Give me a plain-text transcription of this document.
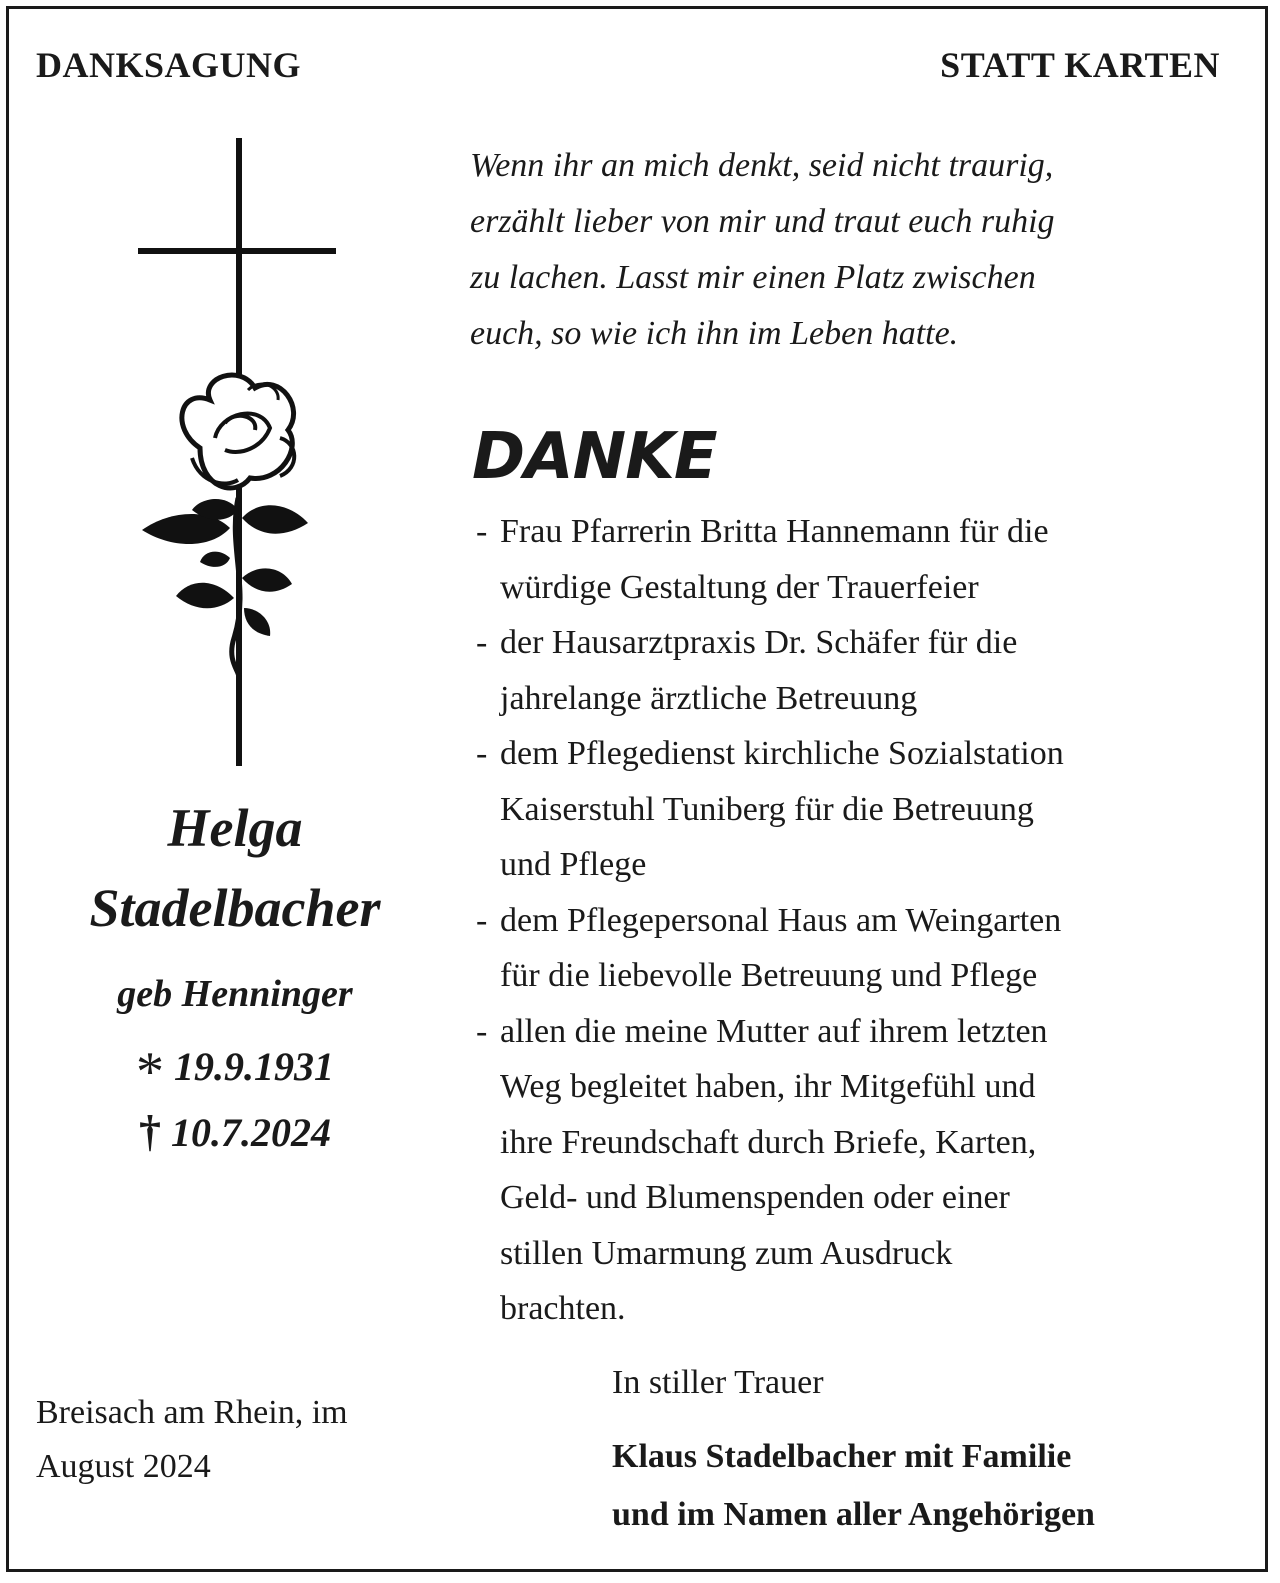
DANKSAGUNG	STATT KARTEN
Helga
Stadelbacher
geb Henninger
* 19.9.1931
† 10.7.2024
Wenn ihr an mich denkt, seid nicht traurig,
erzählt lieber von mir und traut euch ruhig
zu lachen. Lasst mir einen Platz zwischen
euch, so wie ich ihn im Leben hatte.
DANKE
- Frau Pfarrerin Britta Hannemann für die
würdige Gestaltung der Trauerfeier
- der Hausarztpraxis Dr. Schäfer für die
jahrelange ärztliche Betreuung
- dem Pflegedienst kirchliche Sozialstation
Kaiserstuhl Tuniberg für die Betreuung
und Pflege
- dem Pflegepersonal Haus am Weingarten
für die liebevolle Betreuung und Pflege
- allen die meine Mutter auf ihrem letzten
Weg begleitet haben, ihr Mitgefühl und
ihre Freundschaft durch Briefe, Karten,
Geld- und Blumenspenden oder einer
stillen Umarmung zum Ausdruck
brachten.
Breisach am Rhein, im
August 2024
In stiller Trauer
Klaus Stadelbacher mit Familie
und im Namen aller Angehörigen
